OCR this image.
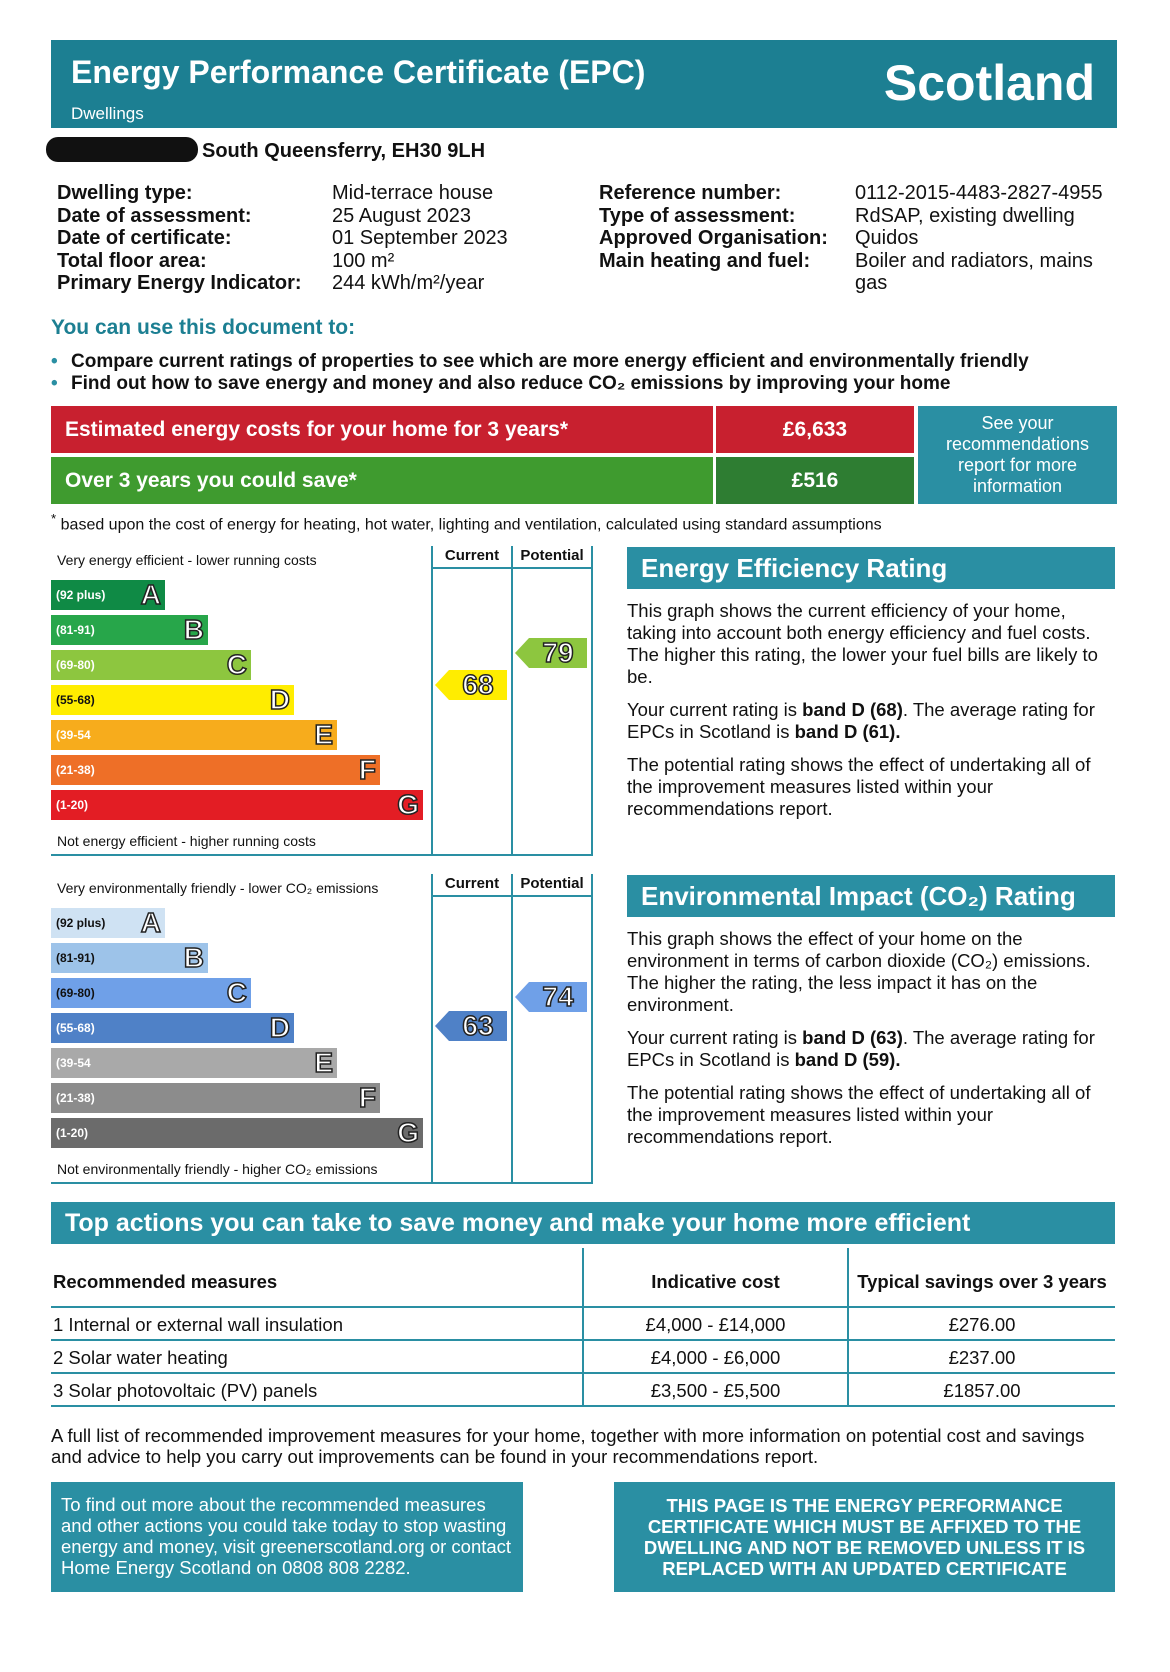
Energy Performance Certificate (EPC)
Dwellings
Scotland
South Queensferry, EH30 9LH
Dwelling type:	Mid-terrace house
Date of assessment:	25 August 2023
Date of certificate:	01 September 2023
Total floor area:	100 m²
Primary Energy Indicator:	244 kWh/m²/year
Reference number:	0112-2015-4483-2827-4955
Type of assessment:	RdSAP, existing dwelling
Approved Organisation:	Quidos
Main heating and fuel:	Boiler and radiators, mains
gas
You can use this document to:
• Compare current ratings of properties to see which are more energy efficient and environmentally friendly
• Find out how to save energy and money and also reduce CO₂ emissions by improving your home
Estimated energy costs for your home for 3 years*	£6,633
Over 3 years you could save*	£516
See your recommendations report for more information
* based upon the cost of energy for heating, hot water, lighting and ventilation, calculated using standard assumptions
Current	Potential
Very energy efficient - lower running costs
Not energy efficient - higher running costs
(92 plus) A
(81-91)	B
(69-80)	C
(55-68)	D
(39-54	E
(21-38)	F
(1-20)	G
68
79
Current	Potential
Very environmentally friendly - lower CO₂ emissions
Not environmentally friendly - higher CO₂ emissions
(92 plus) A
(81-91)	B
(69-80)	C
(55-68)	D
(39-54	E
(21-38)	F
(1-20)	G
63
74
Energy Efficiency Rating

This graph shows the current efficiency of your home, taking into account both energy efficiency and fuel costs. The higher this rating, the lower your fuel bills are likely to be.

Your current rating is band D (68). The average rating for EPCs in Scotland is band D (61).

The potential rating shows the effect of undertaking all of the improvement measures listed within your recommendations report.

Environmental Impact (CO₂) Rating

This graph shows the effect of your home on the environment in terms of carbon dioxide (CO₂) emissions. The higher the rating, the less impact it has on the environment.

Your current rating is band D (63). The average rating for EPCs in Scotland is band D (59).

The potential rating shows the effect of undertaking all of the improvement measures listed within your recommendations report.

Top actions you can take to save money and make your home more efficient
Recommended measures	Indicative cost	Typical savings over 3 years
1 Internal or external wall insulation	£4,000 - £14,000	£276.00
2 Solar water heating	£4,000 - £6,000	£237.00
3 Solar photovoltaic (PV) panels	£3,500 - £5,500	£1857.00
A full list of recommended improvement measures for your home, together with more information on potential cost and savings and advice to help you carry out improvements can be found in your recommendations report.
To find out more about the recommended measures and other actions you could take today to stop wasting energy and money, visit greenerscotland.org or contact Home Energy Scotland on 0808 808 2282.
THIS PAGE IS THE ENERGY PERFORMANCE CERTIFICATE WHICH MUST BE AFFIXED TO THE DWELLING AND NOT BE REMOVED UNLESS IT IS REPLACED WITH AN UPDATED CERTIFICATE
